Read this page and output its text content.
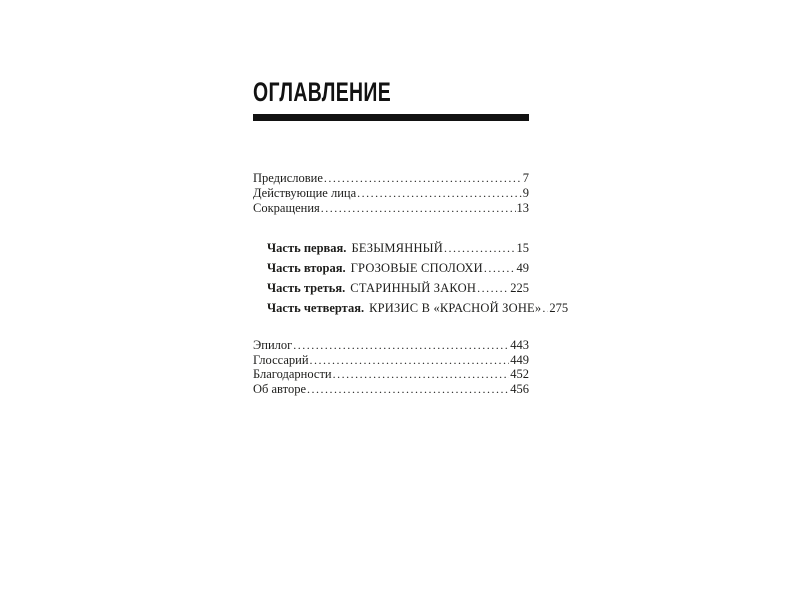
ОГЛАВЛЕНИЕ
Предисловие .....	7
Действующие лица .....	9
Сокращения .....	13
Часть первая. БЕЗЫМЯННЫЙ .....	15
Часть вторая. ГРОЗОВЫЕ СПОЛОХИ .....	49
Часть третья. СТАРИННЫЙ ЗАКОН .....	225
Часть четвертая. КРИЗИС В «КРАСНОЙ ЗОНЕ» ..... 275
Эпилог .....	443
Глоссарий .....	449
Благодарности .....	452
Об авторе .....	456
